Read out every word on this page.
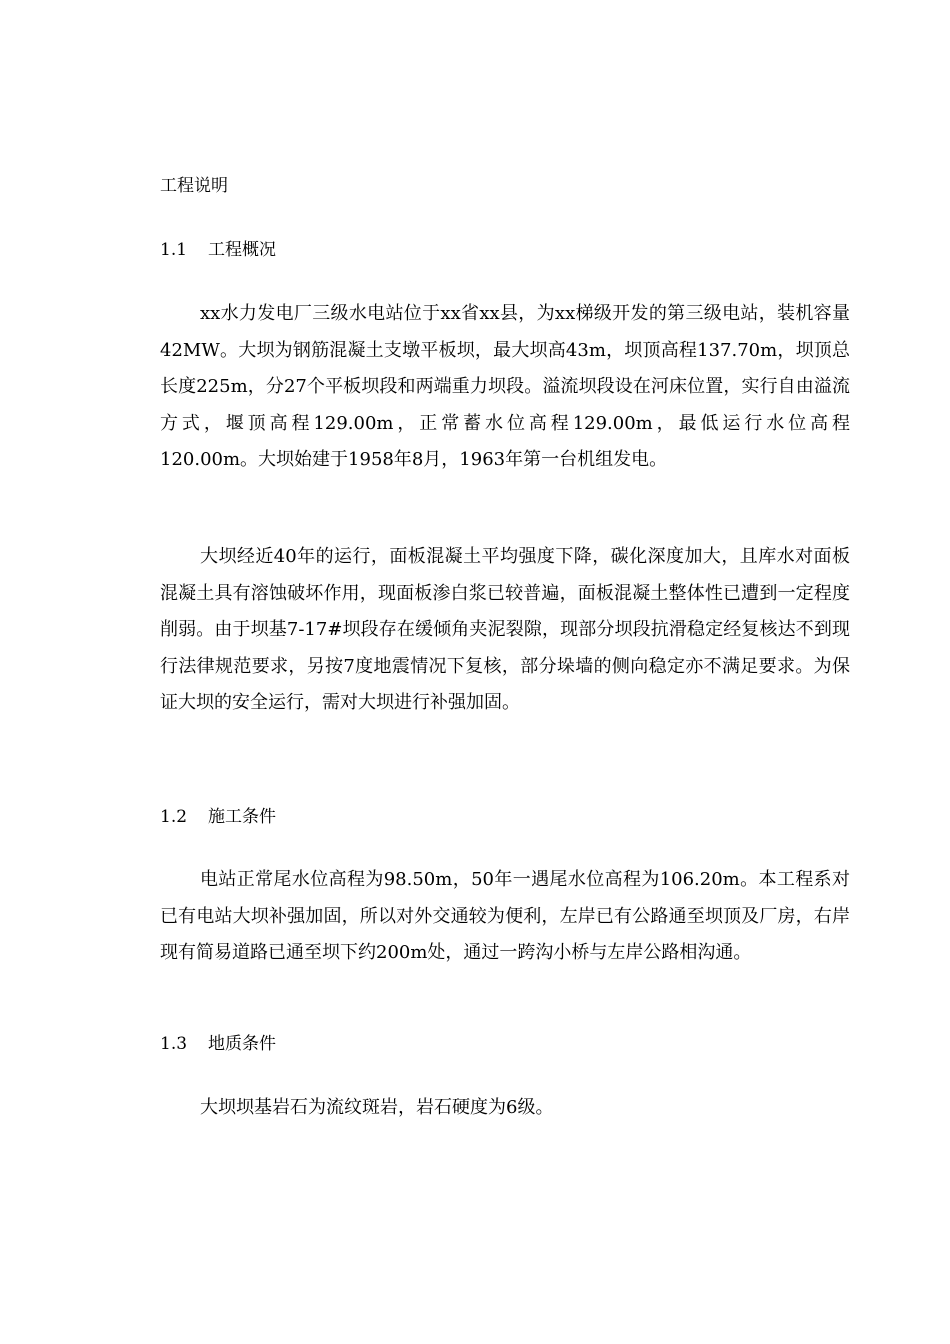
工程说明
1.1 工程概况

xx水力发电厂三级水电站位于xx省xx县，为xx梯级开发的第三级电站，装机容量42MW。大坝为钢筋混凝土支墩平板坝，最大坝高43m，坝顶高程137.70m，坝顶总长度225m，分27个平板坝段和两端重力坝段。溢流坝段设在河床位置，实行自由溢流方式，堰顶高程129.00m，正常蓄水位高程129.00m，最低运行水位高程120.00m。大坝始建于1958年8月，1963年第一台机组发电。

大坝经近40年的运行，面板混凝土平均强度下降，碳化深度加大，且库水对面板混凝土具有溶蚀破坏作用，现面板渗白浆已较普遍，面板混凝土整体性已遭到一定程度削弱。由于坝基7-17#坝段存在缓倾角夹泥裂隙，现部分坝段抗滑稳定经复核达不到现行法律规范要求，另按7度地震情况下复核，部分垛墙的侧向稳定亦不满足要求。为保证大坝的安全运行，需对大坝进行补强加固。

1.2 施工条件

电站正常尾水位高程为98.50m，50年一遇尾水位高程为106.20m。本工程系对已有电站大坝补强加固，所以对外交通较为便利，左岸已有公路通至坝顶及厂房，右岸现有简易道路已通至坝下约200m处，通过一跨沟小桥与左岸公路相沟通。

1.3 地质条件

大坝坝基岩石为流纹斑岩，岩石硬度为6级。
